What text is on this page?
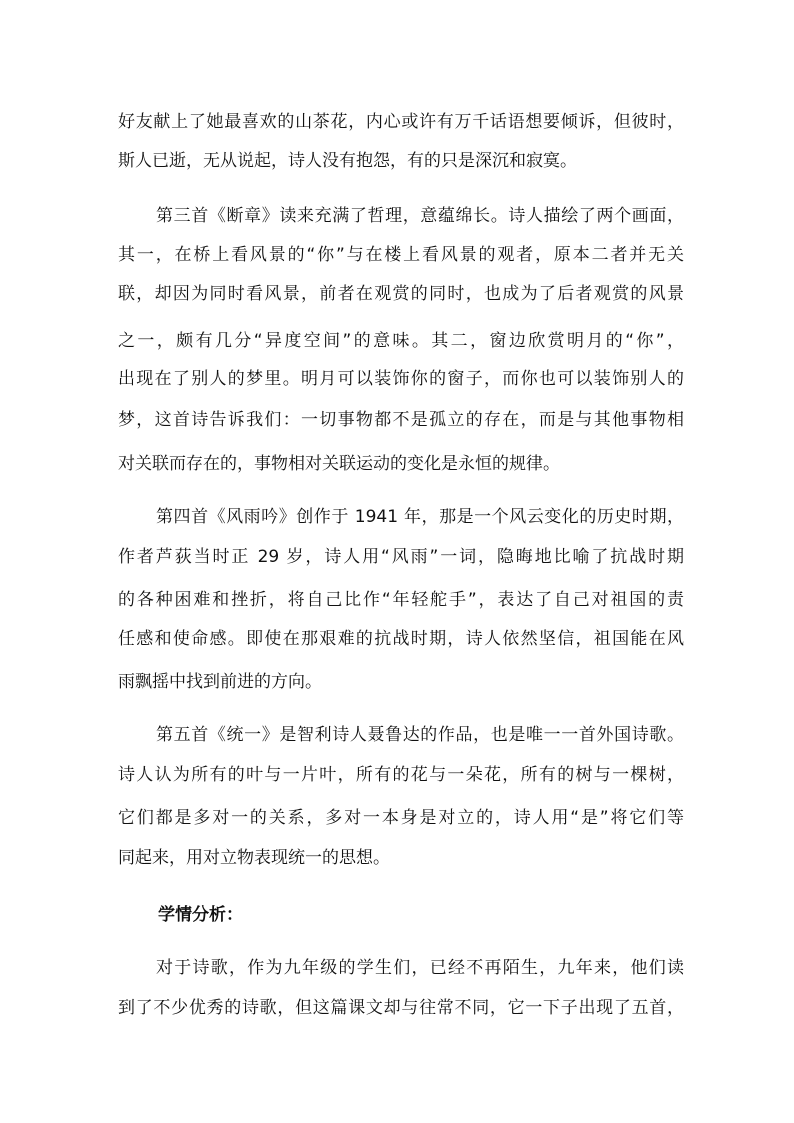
好友献上了她最喜欢的山茶花，内心或许有万千话语想要倾诉，但彼时，
斯人已逝，无从说起，诗人没有抱怨，有的只是深沉和寂寞。
第三首《断章》读来充满了哲理，意蕴绵长。诗人描绘了两个画面，
其一，在桥上看风景的“你”与在楼上看风景的观者，原本二者并无关
联，却因为同时看风景，前者在观赏的同时，也成为了后者观赏的风景
之一，颇有几分“异度空间”的意味。其二，窗边欣赏明月的“你”，
出现在了别人的梦里。明月可以装饰你的窗子，而你也可以装饰别人的
梦，这首诗告诉我们：一切事物都不是孤立的存在，而是与其他事物相
对关联而存在的，事物相对关联运动的变化是永恒的规律。
第四首《风雨吟》创作于 1941 年，那是一个风云变化的历史时期，
作者芦荻当时正 29 岁，诗人用“风雨”一词，隐晦地比喻了抗战时期
的各种困难和挫折，将自己比作“年轻舵手”，表达了自己对祖国的责
任感和使命感。即使在那艰难的抗战时期，诗人依然坚信，祖国能在风
雨飘摇中找到前进的方向。
第五首《统一》是智利诗人聂鲁达的作品，也是唯一一首外国诗歌。
诗人认为所有的叶与一片叶，所有的花与一朵花，所有的树与一棵树，
它们都是多对一的关系，多对一本身是对立的，诗人用“是”将它们等
同起来，用对立物表现统一的思想。
学情分析：
对于诗歌，作为九年级的学生们，已经不再陌生，九年来，他们读
到了不少优秀的诗歌，但这篇课文却与往常不同，它一下子出现了五首，
